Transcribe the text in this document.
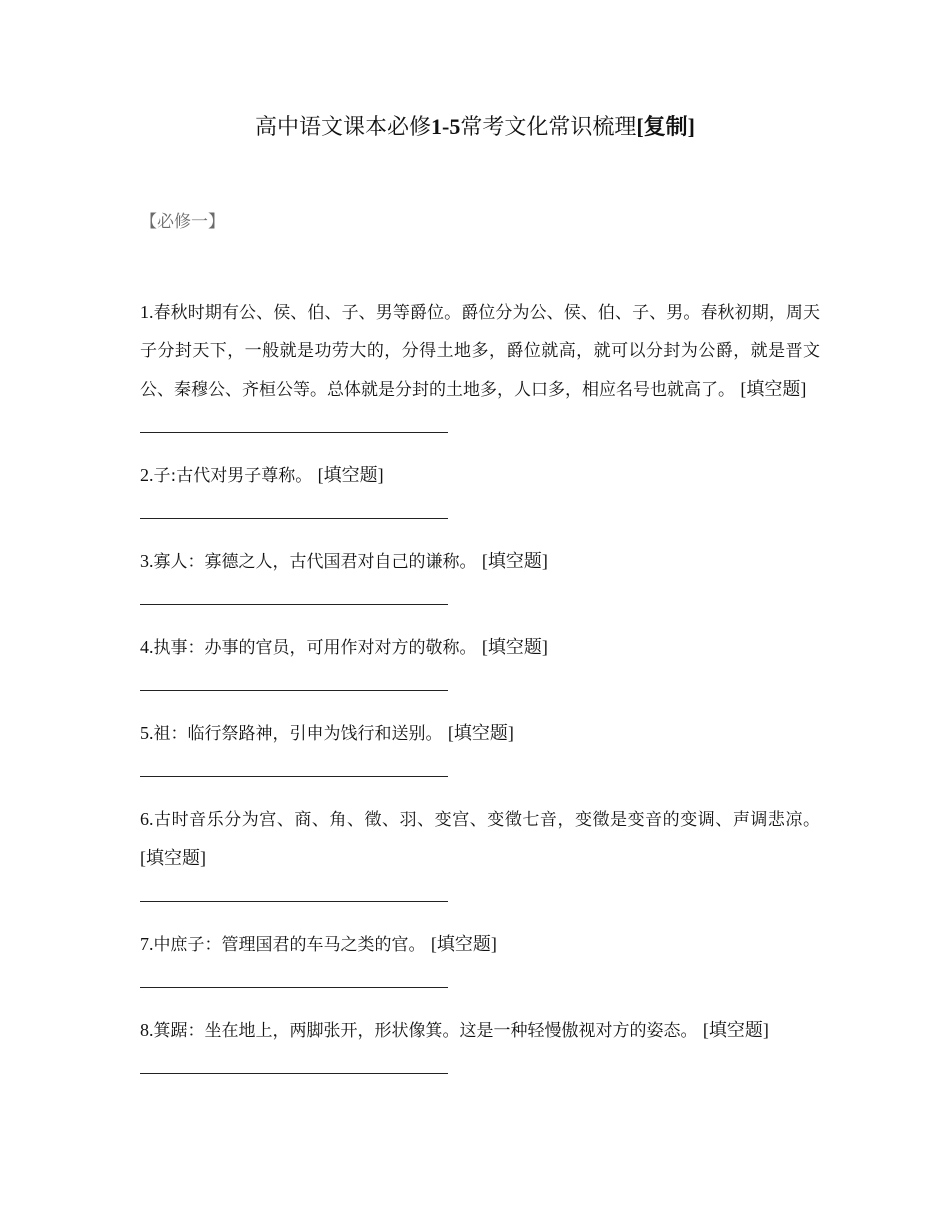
高中语文课本必修1-5常考文化常识梳理[复制]
【必修一】
1.春秋时期有公、侯、伯、子、男等爵位。爵位分为公、侯、伯、子、男。春秋初期，周天子分封天下，一般就是功劳大的，分得土地多，爵位就高，就可以分封为公爵，就是晋文公、秦穆公、齐桓公等。总体就是分封的土地多，人口多，相应名号也就高了。 [填空题]
2.子:古代对男子尊称。 [填空题]
3.寡人：寡德之人，古代国君对自己的谦称。 [填空题]
4.执事：办事的官员，可用作对对方的敬称。 [填空题]
5.祖：临行祭路神，引申为饯行和送别。 [填空题]
6.古时音乐分为宫、商、角、徵、羽、变宫、变徵七音，变徵是变音的变调、声调悲凉。 [填空题]
7.中庶子：管理国君的车马之类的官。 [填空题]
8.箕踞：坐在地上，两脚张开，形状像箕。这是一种轻慢傲视对方的姿态。 [填空题]
